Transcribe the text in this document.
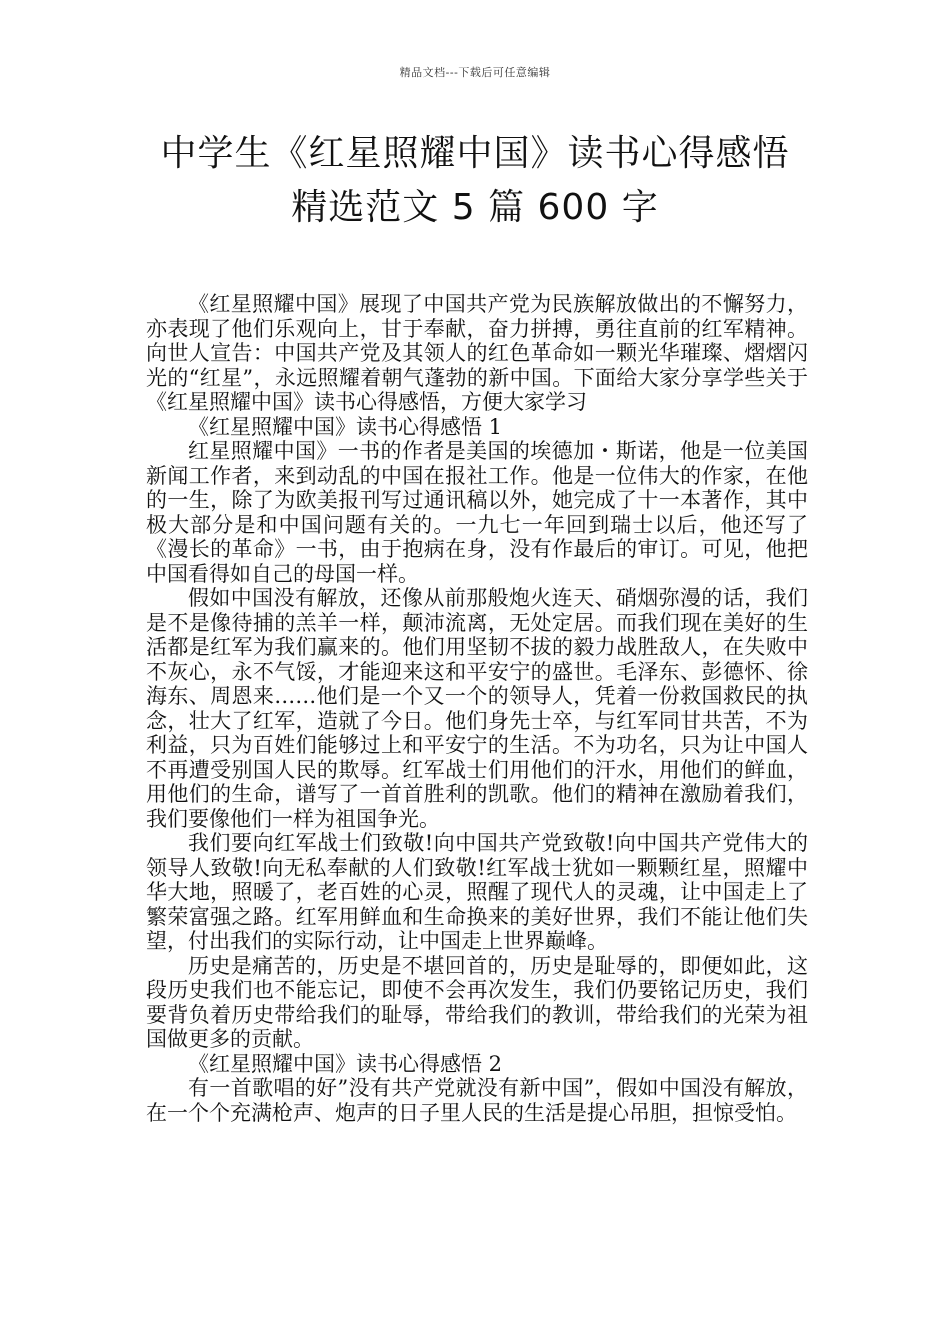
精品文档---下载后可任意编辑
中学生《红星照耀中国》读书心得感悟
精选范文 5 篇 600 字

《红星照耀中国》展现了中国共产党为民族解放做出的不懈努力，亦表现了他们乐观向上，甘于奉献，奋力拼搏，勇往直前的红军精神。向世人宣告：中国共产党及其领人的红色革命如一颗光华璀璨、熠熠闪光的“红星”，永远照耀着朝气蓬勃的新中国。下面给大家分享学些关于《红星照耀中国》读书心得感悟，方便大家学习

《红星照耀中国》读书心得感悟 1

红星照耀中国》一书的作者是美国的埃德加・斯诺，他是一位美国新闻工作者，来到动乱的中国在报社工作。他是一位伟大的作家，在他的一生，除了为欧美报刊写过通讯稿以外，她完成了十一本著作，其中极大部分是和中国问题有关的。一九七一年回到瑞士以后，他还写了《漫长的革命》一书，由于抱病在身，没有作最后的审订。可见，他把中国看得如自己的母国一样。

假如中国没有解放，还像从前那般炮火连天、硝烟弥漫的话，我们是不是像待捕的羔羊一样，颠沛流离，无处定居。而我们现在美好的生活都是红军为我们赢来的。他们用坚韧不拔的毅力战胜敌人，在失败中不灰心，永不气馁，才能迎来这和平安宁的盛世。毛泽东、彭德怀、徐海东、周恩来……他们是一个又一个的领导人，凭着一份救国救民的执念，壮大了红军，造就了今日。他们身先士卒，与红军同甘共苦，不为利益，只为百姓们能够过上和平安宁的生活。不为功名，只为让中国人不再遭受别国人民的欺辱。红军战士们用他们的汗水，用他们的鲜血，用他们的生命，谱写了一首首胜利的凯歌。他们的精神在激励着我们，我们要像他们一样为祖国争光。

我们要向红军战士们致敬!向中国共产党致敬!向中国共产党伟大的领导人致敬!向无私奉献的人们致敬!红军战士犹如一颗颗红星，照耀中华大地，照暖了，老百姓的心灵，照醒了现代人的灵魂，让中国走上了繁荣富强之路。红军用鲜血和生命换来的美好世界，我们不能让他们失望，付出我们的实际行动，让中国走上世界巅峰。

历史是痛苦的，历史是不堪回首的，历史是耻辱的，即便如此，这段历史我们也不能忘记，即使不会再次发生，我们仍要铭记历史，我们要背负着历史带给我们的耻辱，带给我们的教训，带给我们的光荣为祖国做更多的贡献。

《红星照耀中国》读书心得感悟 2

有一首歌唱的好”没有共产党就没有新中国”，假如中国没有解放，在一个个充满枪声、炮声的日子里人民的生活是提心吊胆，担惊受怕。
